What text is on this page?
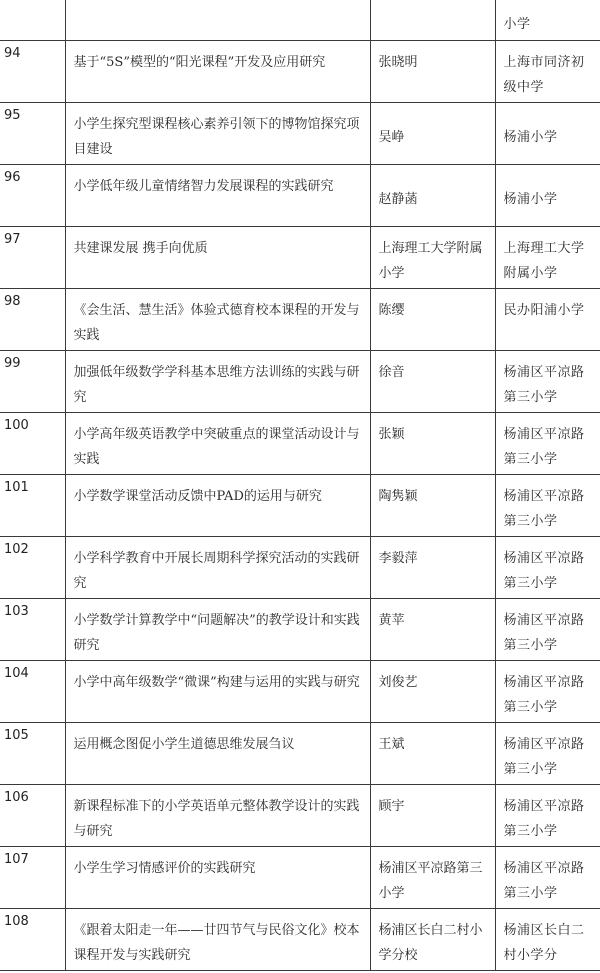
			小学

94	基于“5S”模型的“阳光课程”开发及应用研究	张晓明	上海市同济初级中学

95	小学生探究型课程核心素养引领下的博物馆探究项目建设	吴峥	杨浦小学

96	小学低年级儿童情绪智力发展课程的实践研究	赵静菡	杨浦小学

97	共建课发展 携手向优质	上海理工大学附属小学	上海理工大学附属小学

98	《会生活、慧生活》体验式德育校本课程的开发与实践	陈缨	民办阳浦小学

99	加强低年级数学学科基本思维方法训练的实践与研究	徐音	杨浦区平凉路第三小学

100	小学高年级英语教学中突破重点的课堂活动设计与实践	张颖	杨浦区平凉路第三小学

101	小学数学课堂活动反馈中PAD的运用与研究	陶隽颖	杨浦区平凉路第三小学

102	小学科学教育中开展长周期科学探究活动的实践研究	李毅萍	杨浦区平凉路第三小学

103	小学数学计算教学中“问题解决”的教学设计和实践研究	黄苹	杨浦区平凉路第三小学

104	小学中高年级数学“微课”构建与运用的实践与研究	刘俊艺	杨浦区平凉路第三小学

105	运用概念图促小学生道德思维发展刍议	王斌	杨浦区平凉路第三小学

106	新课程标准下的小学英语单元整体教学设计的实践与研究	顾宇	杨浦区平凉路第三小学

107	小学生学习情感评价的实践研究	杨浦区平凉路第三小学	杨浦区平凉路第三小学

108	《跟着太阳走一年——廿四节气与民俗文化》校本课程开发与实践研究	杨浦区长白二村小学分校	杨浦区长白二村小学分
